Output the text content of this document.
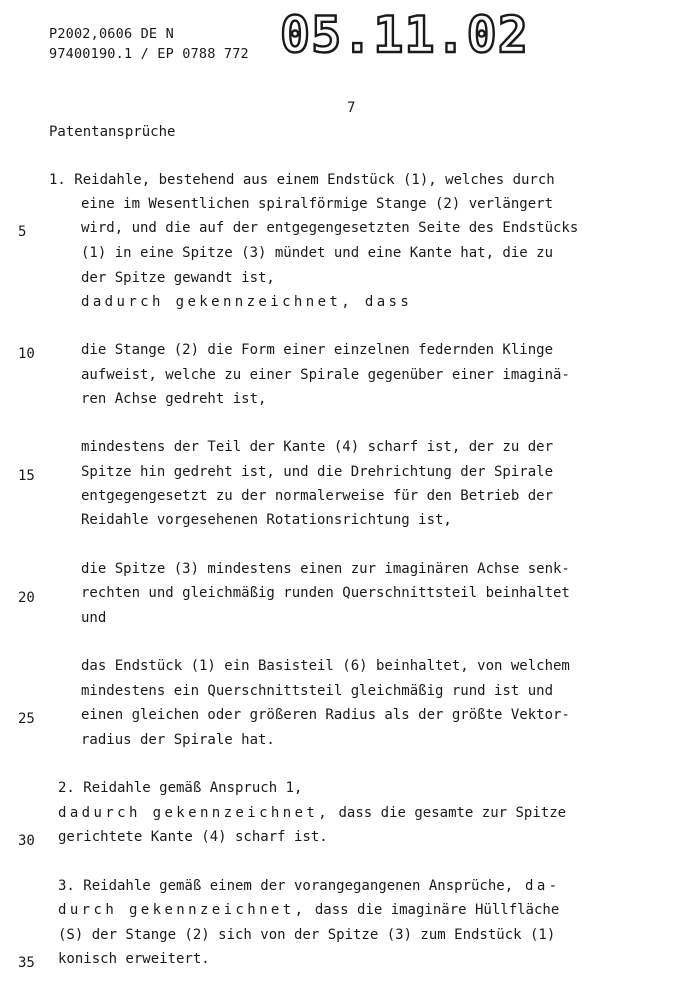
P2002,0606 DE N
97400190.1 / EP 0788 772 05.11.02
7
Patentansprüche
5
10
15
20
25
30
35
1. Reidahle, bestehend aus einem Endstück (1), welches durch
eine im Wesentlichen spiralförmige Stange (2) verlängert
wird, und die auf der entgegengesetzten Seite des Endstücks
(1) in eine Spitze (3) mündet und eine Kante hat, die zu
der Spitze gewandt ist,
dadurch gekennzeichnet, dass
die Stange (2) die Form einer einzelnen federnden Klinge
aufweist, welche zu einer Spirale gegenüber einer imaginä-
ren Achse gedreht ist,
mindestens der Teil der Kante (4) scharf ist, der zu der
Spitze hin gedreht ist, und die Drehrichtung der Spirale
entgegengesetzt zu der normalerweise für den Betrieb der
Reidahle vorgesehenen Rotationsrichtung ist,
die Spitze (3) mindestens einen zur imaginären Achse senk-
rechten und gleichmäßig runden Querschnittsteil beinhaltet
und
das Endstück (1) ein Basisteil (6) beinhaltet, von welchem
mindestens ein Querschnittsteil gleichmäßig rund ist und
einen gleichen oder größeren Radius als der größte Vektor-
radius der Spirale hat.
2. Reidahle gemäß Anspruch 1,
dadurch gekennzeichnet, dass die gesamte zur Spitze
gerichtete Kante (4) scharf ist.
3. Reidahle gemäß einem der vorangegangenen Ansprüche, da-
durch gekennzeichnet, dass die imaginäre Hüllfläche
(S) der Stange (2) sich von der Spitze (3) zum Endstück (1)
konisch erweitert.
